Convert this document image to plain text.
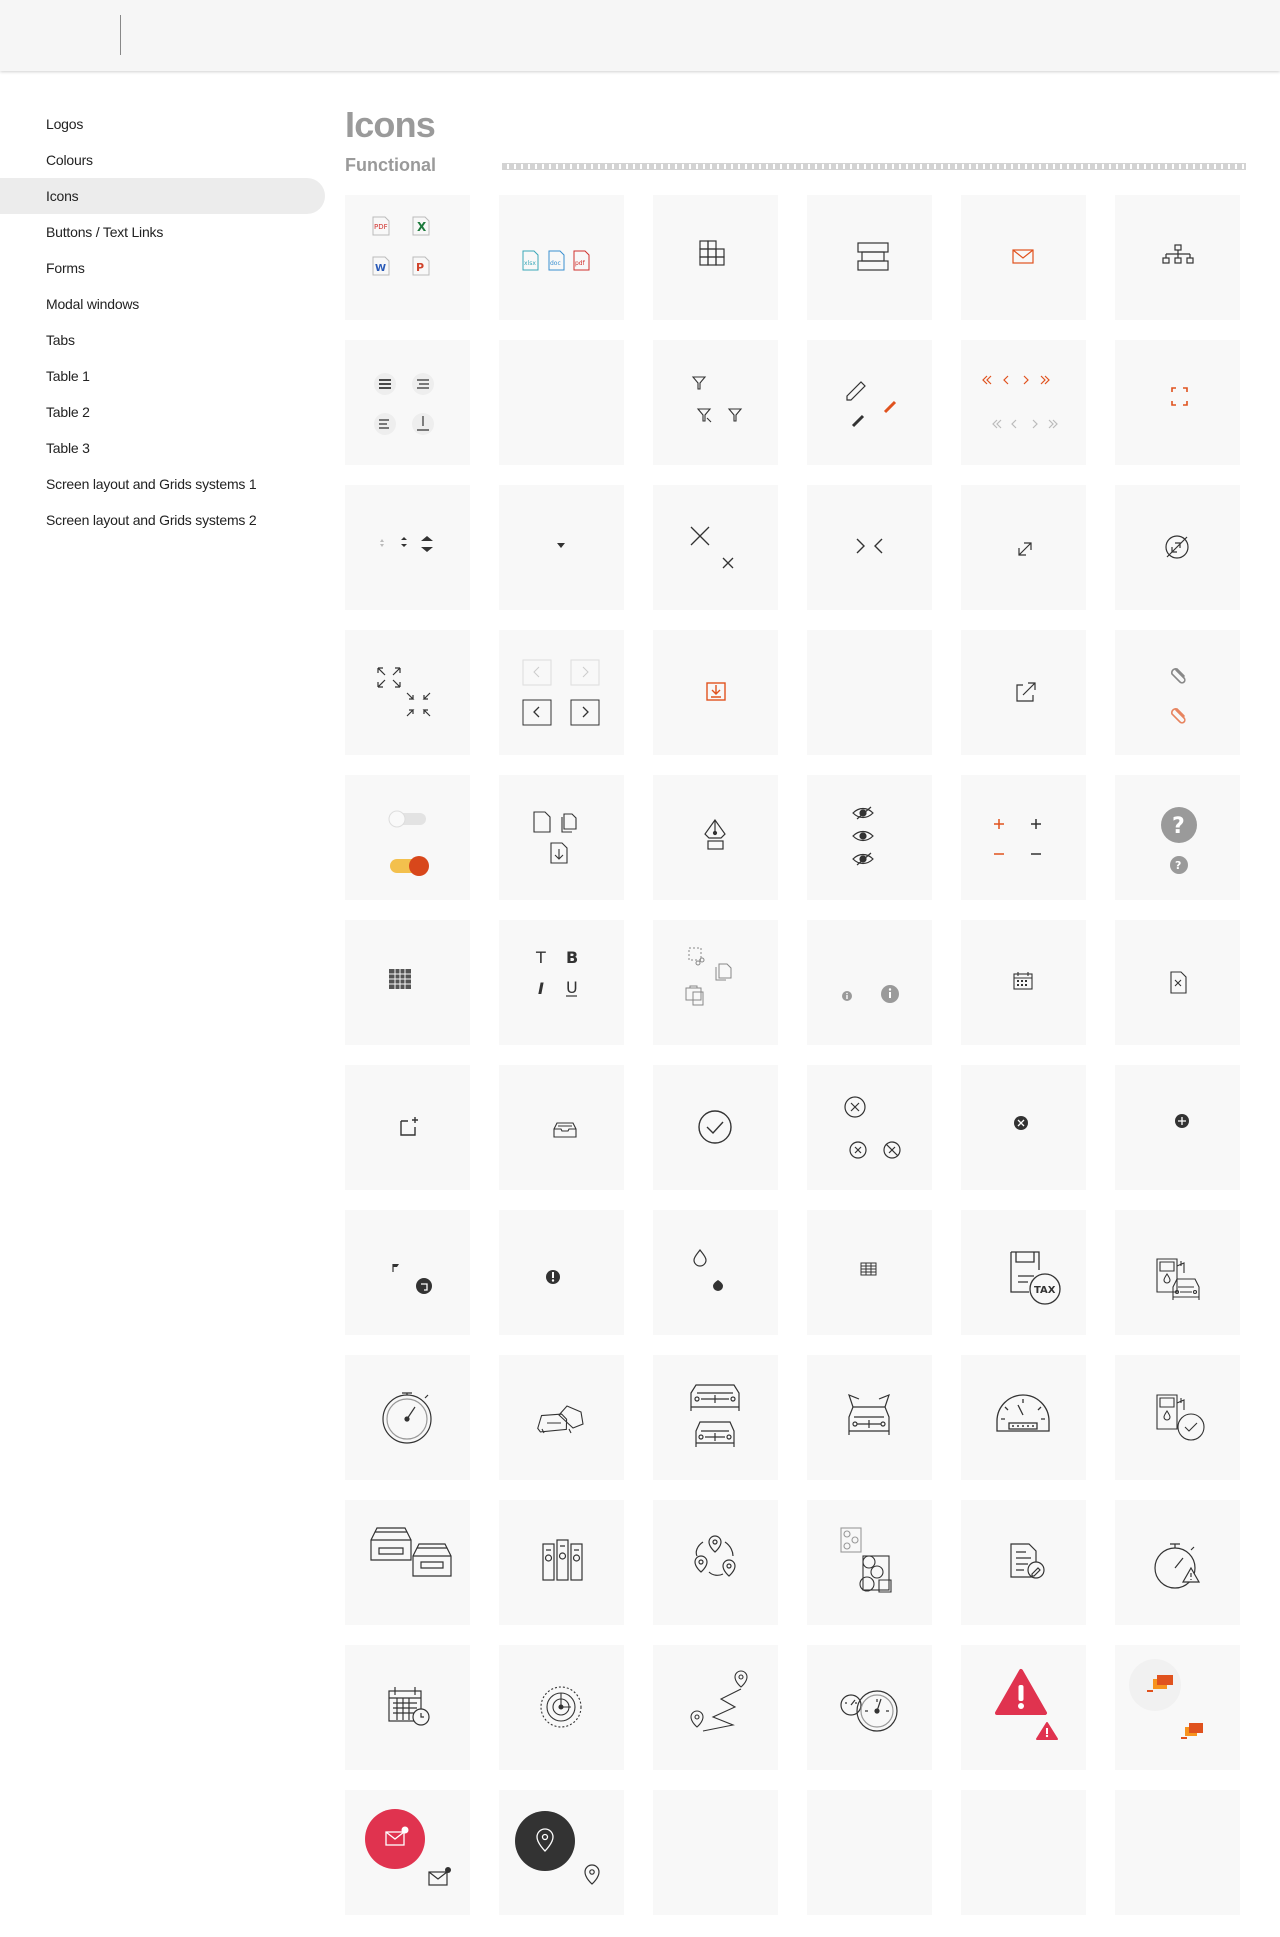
Logos
Colours
Icons
Buttons / Text Links
Forms
Modal windows
Tabs
Table 1
Table 2
Table 3
Screen layout and Grids systems 1
Screen layout and Grids systems 2
Icons
Functional
PDF X
W	P	xlsx doc pdf
?
?
T B
I U
TAX
